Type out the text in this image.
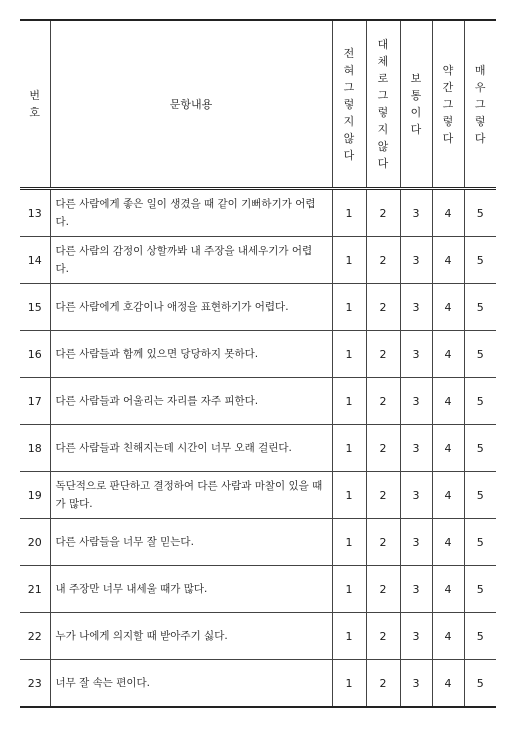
번호	문항내용	전혀그렇지않다	대체로그렇지않다	보통이다	약간그렇다	매우그렇다
13	다른 사람에게 좋은 일이 생겼을 때 같이 기뻐하기가 어렵다.	1	2	3	4	5
14	다른 사람의 감정이 상할까봐 내 주장을 내세우기가 어렵다.	1	2	3	4	5
15	다른 사람에게 호감이나 애정을 표현하기가 어렵다.	1	2	3	4	5
16	다른 사람들과 함께 있으면 당당하지 못하다.	1	2	3	4	5
17	다른 사람들과 어울리는 자리를 자주 피한다.	1	2	3	4	5
18	다른 사람들과 친해지는데 시간이 너무 오래 걸린다.	1	2	3	4	5
19	독단적으로 판단하고 결정하여 다른 사람과 마찰이 있을 때가 많다.	1	2	3	4	5
20	다른 사람들을 너무 잘 믿는다.	1	2	3	4	5
21	내 주장만 너무 내세울 때가 많다.	1	2	3	4	5
22	누가 나에게 의지할 때 받아주기 싫다.	1	2	3	4	5
23	너무 잘 속는 편이다.	1	2	3	4	5
